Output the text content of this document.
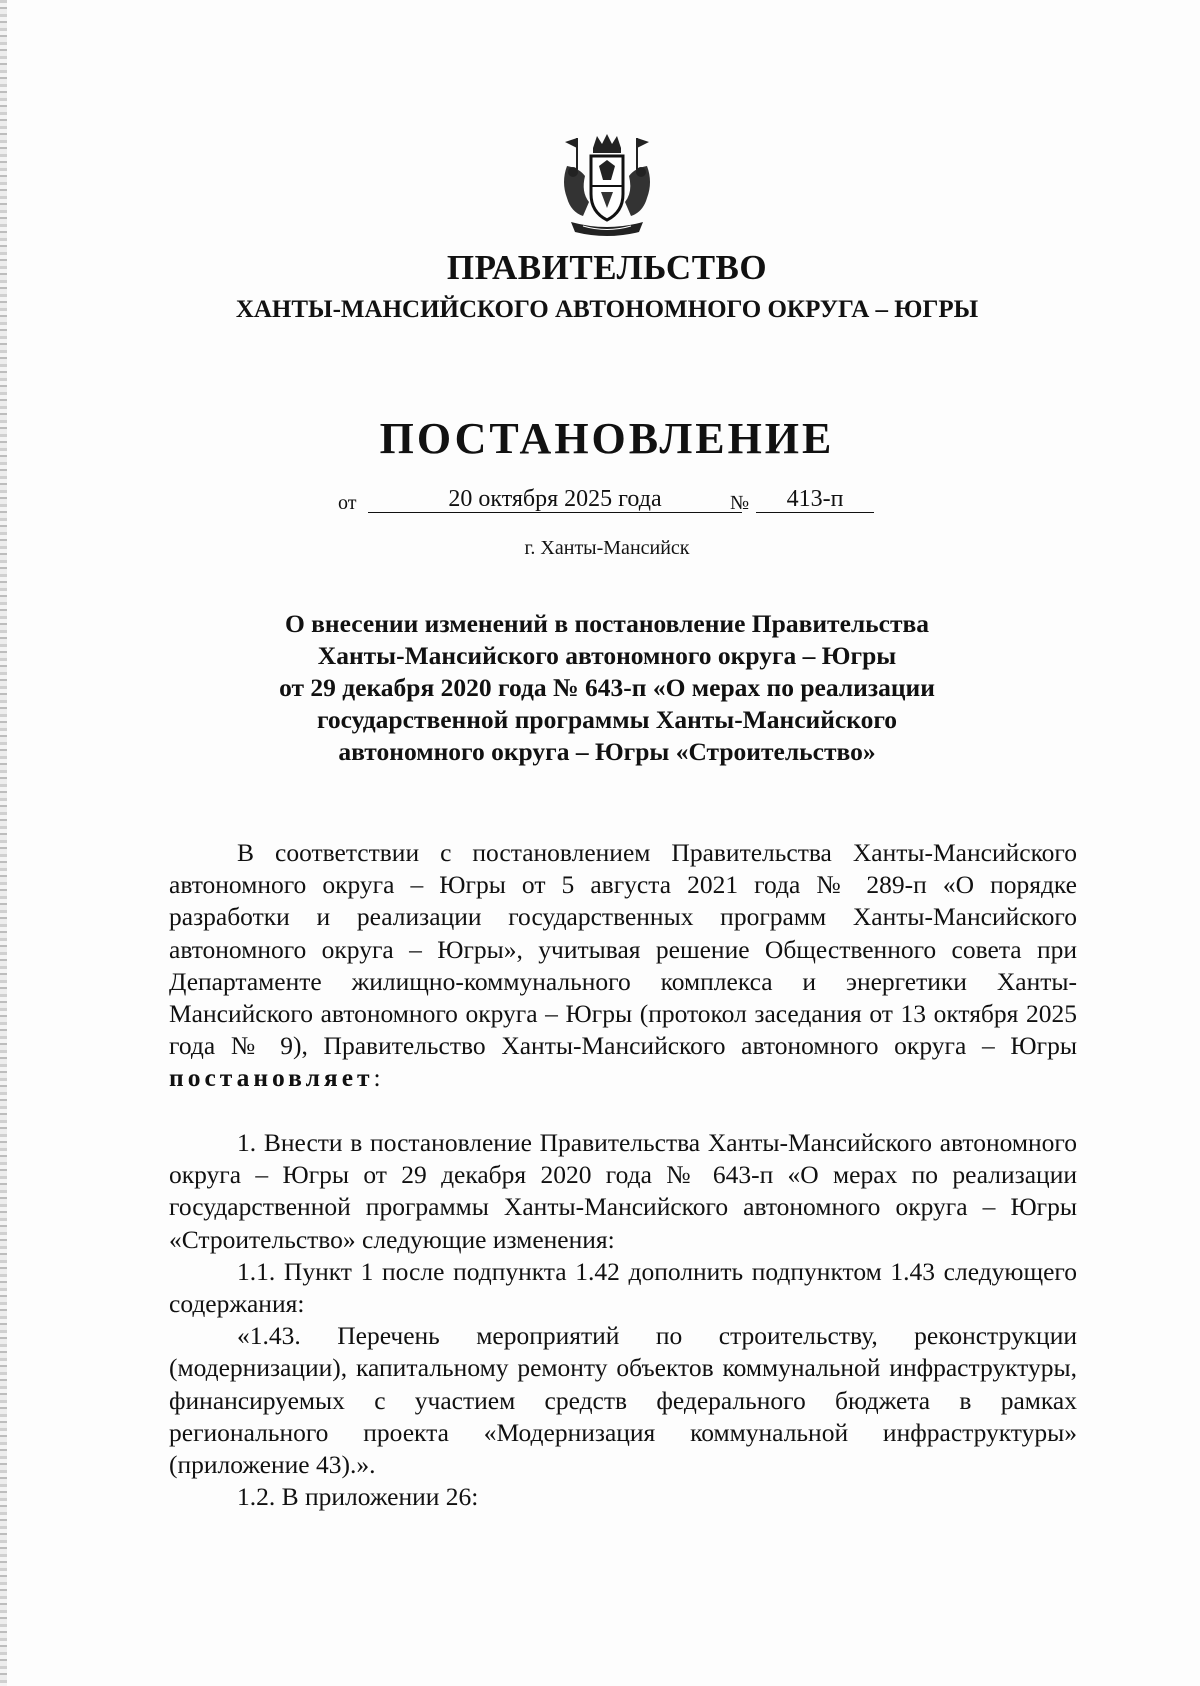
ПРАВИТЕЛЬСТВО
ХАНТЫ-МАНСИЙСКОГО АВТОНОМНОГО ОКРУГА – ЮГРЫ
ПОСТАНОВЛЕНИЕ
от	20 октября 2025 года	№	413-п
г. Ханты-Мансийск
О внесении изменений в постановление Правительства
Ханты-Мансийского автономного округа – Югры
от 29 декабря 2020 года № 643-п «О мерах по реализации
государственной программы Ханты-Мансийского
автономного округа – Югры «Строительство»

В соответствии с постановлением Правительства Ханты-Мансийского автономного округа – Югры от 5 августа 2021 года № 289-п «О порядке разработки и реализации государственных программ Ханты-Мансийского автономного округа – Югры», учитывая решение Общественного совета при Департаменте жилищно-коммунального комплекса и энергетики Ханты-Мансийского автономного округа – Югры (протокол заседания от 13 октября 2025 года № 9), Правительство Ханты-Мансийского автономного округа – Югры постановляет:

1. Внести в постановление Правительства Ханты-Мансийского автономного округа – Югры от 29 декабря 2020 года № 643-п «О мерах по реализации государственной программы Ханты-Мансийского автономного округа – Югры «Строительство» следующие изменения:

1.1. Пункт 1 после подпункта 1.42 дополнить подпунктом 1.43 следующего содержания:

«1.43. Перечень мероприятий по строительству, реконструкции (модернизации), капитальному ремонту объектов коммунальной инфраструктуры, финансируемых с участием средств федерального бюджета в рамках регионального проекта «Модернизация коммунальной инфраструктуры» (приложение 43).».

1.2. В приложении 26:
